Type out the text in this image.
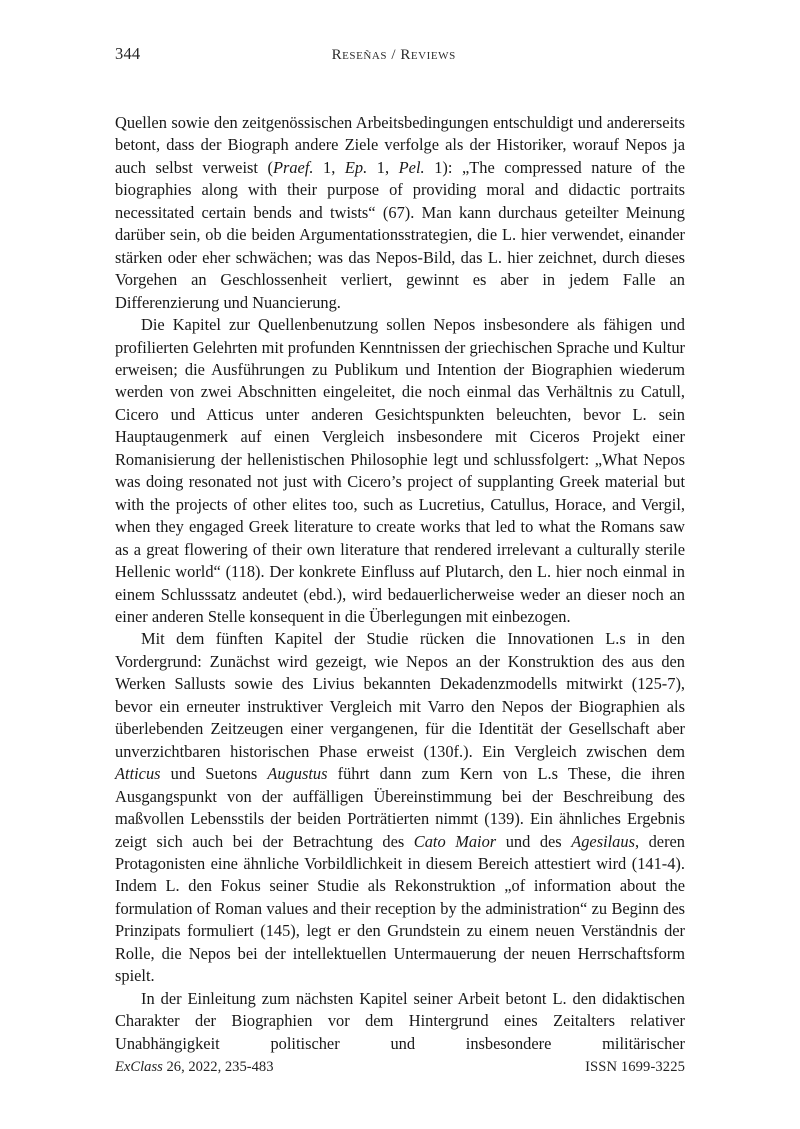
344	Reseñas / Reviews

Quellen sowie den zeitgenössischen Arbeitsbedingungen entschuldigt und andererseits betont, dass der Biograph andere Ziele verfolge als der Historiker, worauf Nepos ja auch selbst verweist (Praef. 1, Ep. 1, Pel. 1): „The compressed nature of the biographies along with their purpose of providing moral and didactic portraits necessitated certain bends and twists“ (67). Man kann durchaus geteilter Meinung darüber sein, ob die beiden Argumentationsstrategien, die L. hier verwendet, einander stärken oder eher schwächen; was das Nepos-Bild, das L. hier zeichnet, durch dieses Vorgehen an Geschlossenheit verliert, gewinnt es aber in jedem Falle an Differenzierung und Nuancierung.

Die Kapitel zur Quellenbenutzung sollen Nepos insbesondere als fähigen und profilierten Gelehrten mit profunden Kenntnissen der griechischen Sprache und Kultur erweisen; die Ausführungen zu Publikum und Intention der Biographien wiederum werden von zwei Abschnitten eingeleitet, die noch einmal das Verhältnis zu Catull, Cicero und Atticus unter anderen Gesichtspunkten beleuchten, bevor L. sein Hauptaugenmerk auf einen Vergleich insbesondere mit Ciceros Projekt einer Romanisierung der hellenistischen Philosophie legt und schlussfolgert: „What Nepos was doing resonated not just with Cicero’s project of supplanting Greek material but with the projects of other elites too, such as Lucretius, Catullus, Horace, and Vergil, when they engaged Greek literature to create works that led to what the Romans saw as a great flowering of their own literature that rendered irrelevant a culturally sterile Hellenic world“ (118). Der konkrete Einfluss auf Plutarch, den L. hier noch einmal in einem Schlusssatz andeutet (ebd.), wird bedauerlicherweise weder an dieser noch an einer anderen Stelle konsequent in die Überlegungen mit einbezogen.

Mit dem fünften Kapitel der Studie rücken die Innovationen L.s in den Vordergrund: Zunächst wird gezeigt, wie Nepos an der Konstruktion des aus den Werken Sallusts sowie des Livius bekannten Dekadenzmodells mitwirkt (125-7), bevor ein erneuter instruktiver Vergleich mit Varro den Nepos der Biographien als überlebenden Zeitzeugen einer vergangenen, für die Identität der Gesellschaft aber unverzichtbaren historischen Phase erweist (130f.). Ein Vergleich zwischen dem Atticus und Suetons Augustus führt dann zum Kern von L.s These, die ihren Ausgangspunkt von der auffälligen Übereinstimmung bei der Beschreibung des maßvollen Lebensstils der beiden Porträtierten nimmt (139). Ein ähnliches Ergebnis zeigt sich auch bei der Betrachtung des Cato Maior und des Agesilaus, deren Protagonisten eine ähnliche Vorbildlichkeit in diesem Bereich attestiert wird (141-4). Indem L. den Fokus seiner Studie als Rekonstruktion „of information about the formulation of Roman values and their reception by the administration“ zu Beginn des Prinzipats formuliert (145), legt er den Grundstein zu einem neuen Verständnis der Rolle, die Nepos bei der intellektuellen Untermauerung der neuen Herrschaftsform spielt.

In der Einleitung zum nächsten Kapitel seiner Arbeit betont L. den didaktischen Charakter der Biographien vor dem Hintergrund eines Zeitalters relativer Unabhängigkeit politischer und insbesondere militärischer

ExClass 26, 2022, 235-483	ISSN 1699-3225
